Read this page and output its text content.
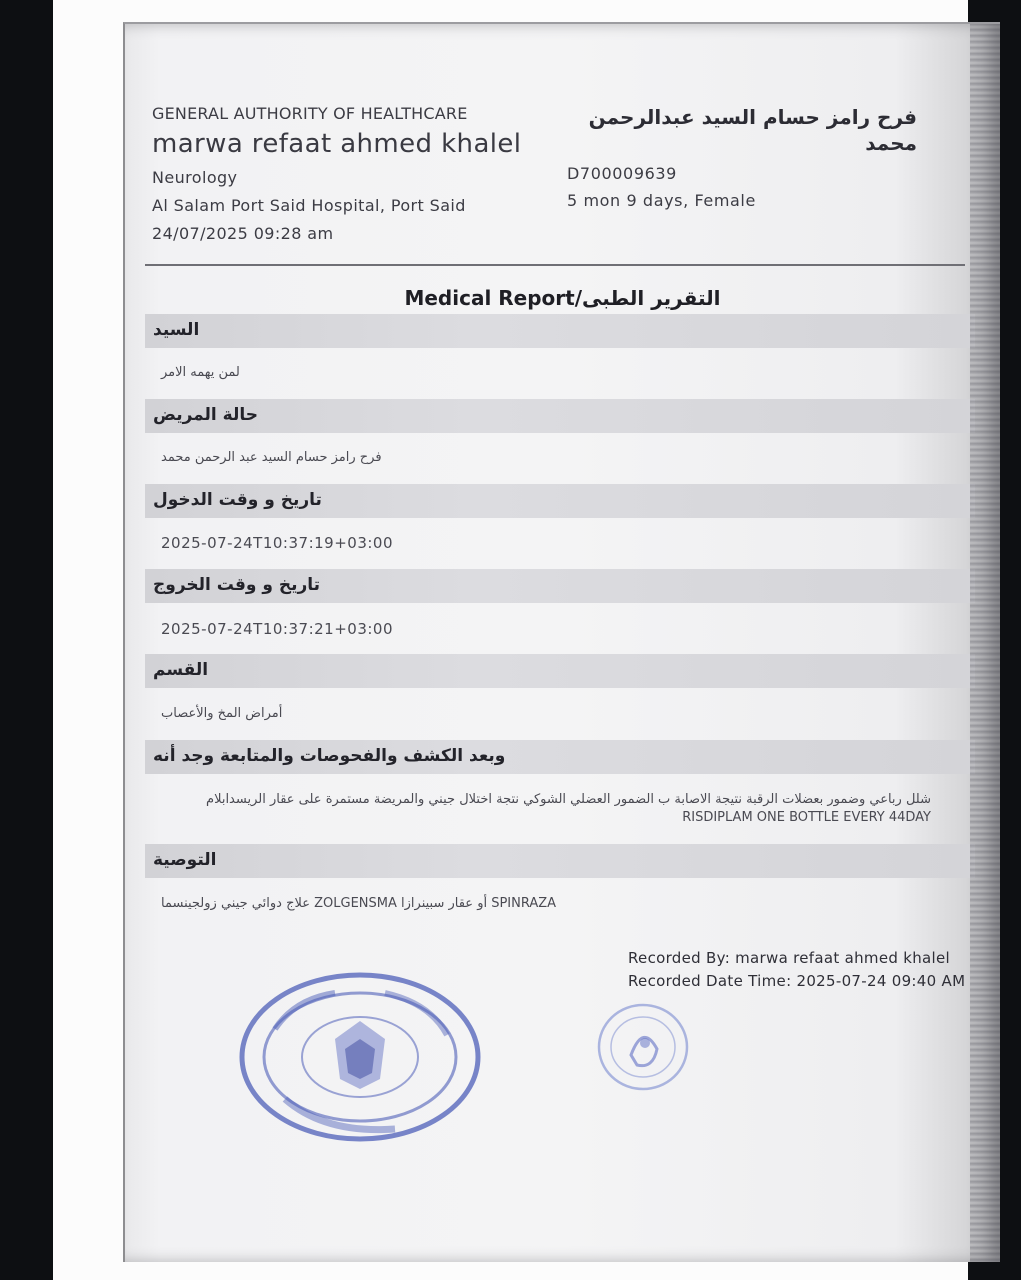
GENERAL AUTHORITY OF HEALTHCARE
marwa refaat ahmed khalel
Neurology
Al Salam Port Said Hospital, Port Said
24/07/2025 09:28 am
فرح رامز حسام السيد عبدالرحمن محمد
D700009639
5 mon 9 days, Female
Medical Report/التقرير الطبى
السيد
لمن يهمه الامر
حالة المريض
فرح رامز حسام السيد عبد الرحمن محمد
تاريخ و وقت الدخول
2025-07-24T10:37:19+03:00
تاريخ و وقت الخروج
2025-07-24T10:37:21+03:00
القسم
أمراض المخ والأعصاب
وبعد الكشف والفحوصات والمتابعة وجد أنه
شلل رباعي وضمور بعضلات الرقبة نتيجة الاصابة ب الضمور العضلي الشوكي نتجة اختلال جيني والمريضة مستمرة على عقار الريسدابلام RISDIPLAM ONE BOTTLE EVERY 44DAY
التوصية
علاج دوائي جيني زولجينسما ZOLGENSMA أو عقار سبينرازا SPINRAZA
Recorded By: marwa refaat ahmed khalel
Recorded Date Time: 2025-07-24 09:40 AM
